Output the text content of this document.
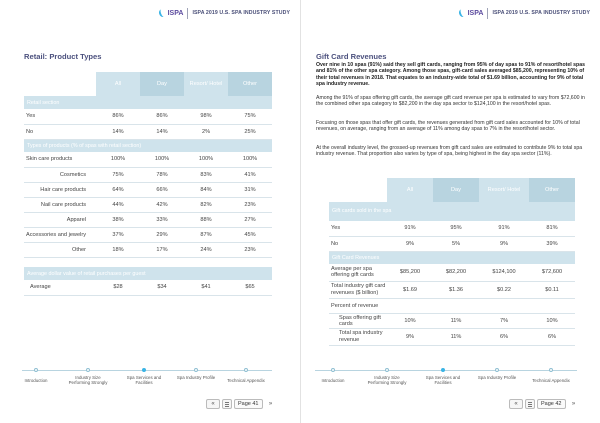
ISPA ISPA 2019 U.S. SPA INDUSTRY STUDY
Retail: Product Types
	All	Day	Resort/ Hotel	Other
Retail section				
Yes	86%	86%	98%	75%
No	14%	14%	2%	25%
Types of products (% of spas with retail section)				
Skin care products	100%	100%	100%	100%
Cosmetics	75%	78%	83%	41%
Hair care products	64%	66%	84%	31%
Nail care products	44%	42%	82%	23%
Apparel	38%	33%	88%	27%
Accessories and jewelry	37%	29%	87%	45%
Other	18%	17%	24%	23%

Average dollar value of retail purchases per guest				
Average	$28	$34	$41	$65
Introduction
Industry Size Performing Strongly
Spa Services and Facilities
Spa Industry Profile
Technical Appendix
«	Page 41	»
ISPA ISPA 2019 U.S. SPA INDUSTRY STUDY
Gift Card Revenues
Over nine in 10 spas (91%) said they sell gift cards, ranging from 95% of day spas to 91% of resort/hotel spas and 81% of the other spa category. Among those spas, gift-card sales averaged $85,200, representing 10% of their total revenues in 2018. That equates to an industry-wide total of $1.69 billion, accounting for 9% of total spa industry revenue.
Among the 91% of spas offering gift cards, the average gift card revenue per spa is estimated to vary from $72,600 in the combined other spa category to $82,200 in the day spa sector to $124,100 in the resort/hotel spas.
Focusing on those spas that offer gift cards, the revenues generated from gift card sales accounted for 10% of total revenues, on average, ranging from an average of 11% among day spas to 7% in the resort/hotel sector.
At the overall industry level, the grossed-up revenues from gift card sales are estimated to contribute 9% to total spa industry revenue. That proportion also varies by type of spa, being highest in the day spa sector (11%).
	All	Day	Resort/ Hotel	Other
Gift cards sold in the spa				
Yes	91%	95%	91%	81%
No	9%	5%	9%	39%
Gift Card Revenues				
Average per spa offering gift cards	$85,200	$82,200	$124,100	$72,600
Total industry gift card revenues ($ billion)	$1.69	$1.36	$0.22	$0.11
Percent of revenue				
Spas offering gift cards	10%	11%	7%	10%
Total spa industry revenue	9%	11%	6%	6%
Introduction
Industry Size Performing Strongly
Spa Services and Facilities
Spa Industry Profile
Technical Appendix
«	Page 42	»
